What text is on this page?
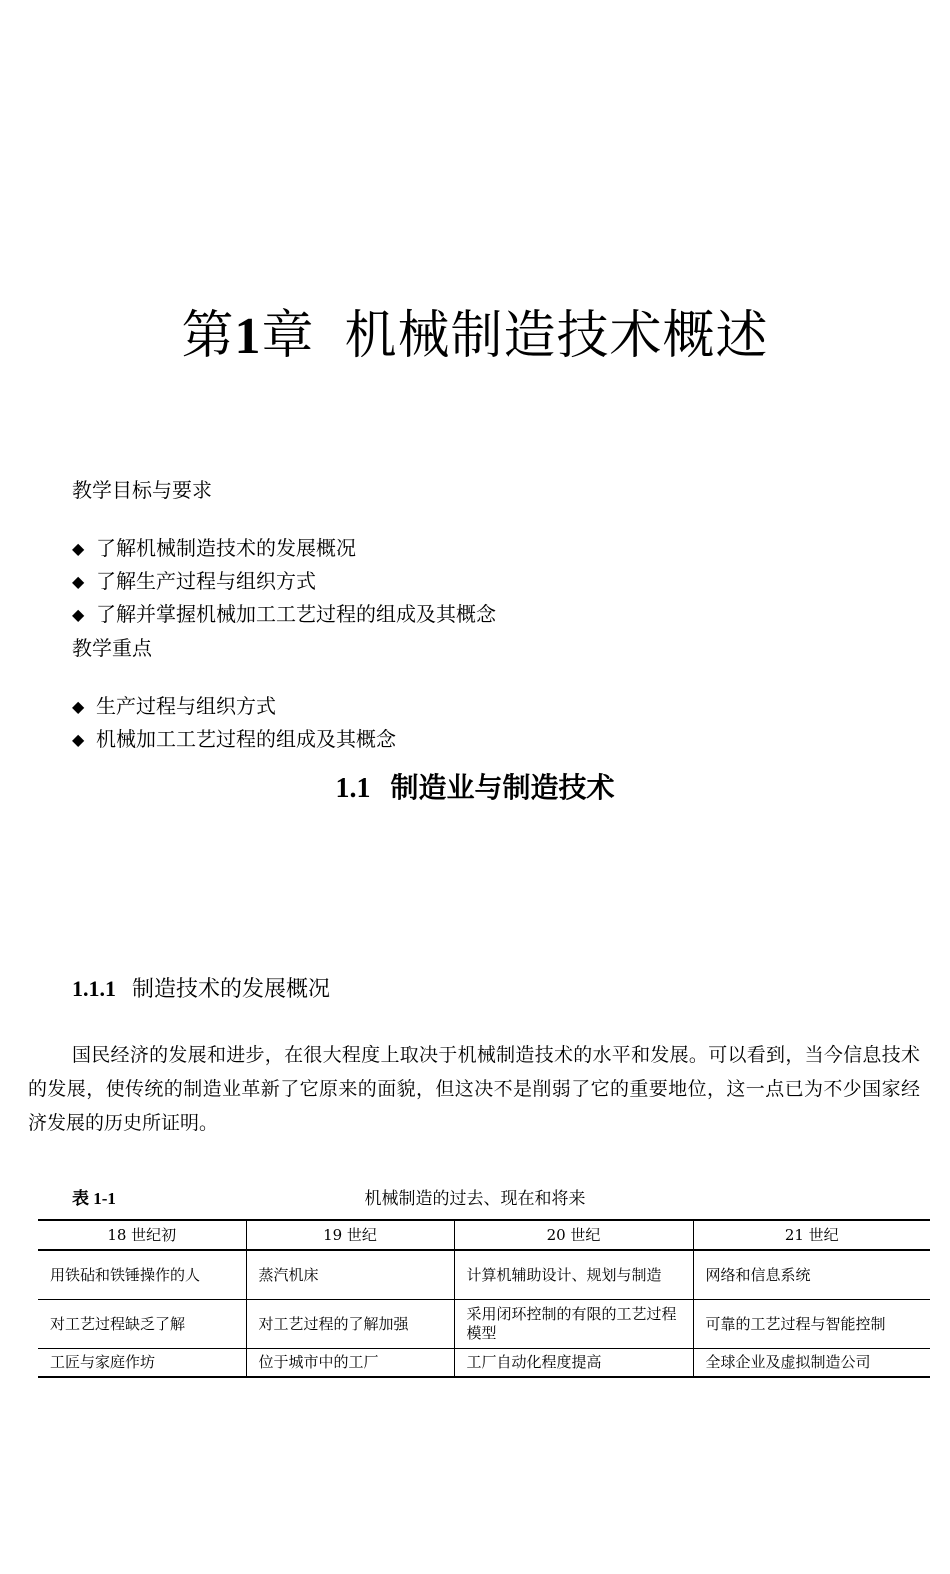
第1章 机械制造技术概述
教学目标与要求
◆ 了解机械制造技术的发展概况
◆ 了解生产过程与组织方式
◆ 了解并掌握机械加工工艺过程的组成及其概念
教学重点
◆ 生产过程与组织方式
◆ 机械加工工艺过程的组成及其概念
1.1 制造业与制造技术
1.1.1 制造技术的发展概况

国民经济的发展和进步，在很大程度上取决于机械制造技术的水平和发展。可以看到，当今信息技术的发展，使传统的制造业革新了它原来的面貌，但这决不是削弱了它的重要地位，这一点已为不少国家经济发展的历史所证明。

表 1-1	机械制造的过去、现在和将来
18 世纪初	19 世纪	20 世纪	21 世纪
用铁砧和铁锤操作的人	蒸汽机床	计算机辅助设计、规划与制造	网络和信息系统
对工艺过程缺乏了解	对工艺过程的了解加强	采用闭环控制的有限的工艺过程模型	可靠的工艺过程与智能控制
工匠与家庭作坊	位于城市中的工厂	工厂自动化程度提高	全球企业及虚拟制造公司
